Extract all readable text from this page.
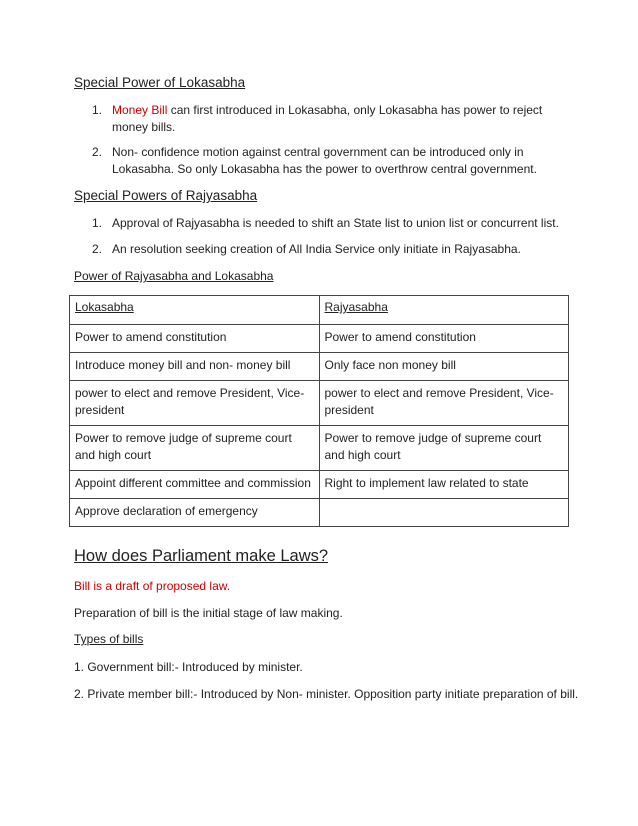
Special Power of Lokasabha
1. Money Bill can first introduced in Lokasabha, only Lokasabha has power to reject money bills.
2. Non- confidence motion against central government can be introduced only in Lokasabha. So only Lokasabha has the power to overthrow central government.
Special Powers of Rajyasabha
1. Approval of Rajyasabha is needed to shift an State list to union list or concurrent list.
2. An resolution seeking creation of All India Service only initiate in Rajyasabha.
Power of Rajyasabha and Lokasabha
Lokasabha	Rajyasabha
Power to amend constitution	Power to amend constitution
Introduce money bill and non- money bill	Only face non money bill
power to elect and remove President, Vice-president	power to elect and remove President, Vice-president
Power to remove judge of supreme court and high court	Power to remove judge of supreme court and high court
Appoint different committee and commission	Right to implement law related to state
Approve declaration of emergency	
How does Parliament make Laws?
Bill is a draft of proposed law.
Preparation of bill is the initial stage of law making.
Types of bills
1. Government bill:- Introduced by minister.
2. Private member bill:- Introduced by Non- minister. Opposition party initiate preparation of bill.
